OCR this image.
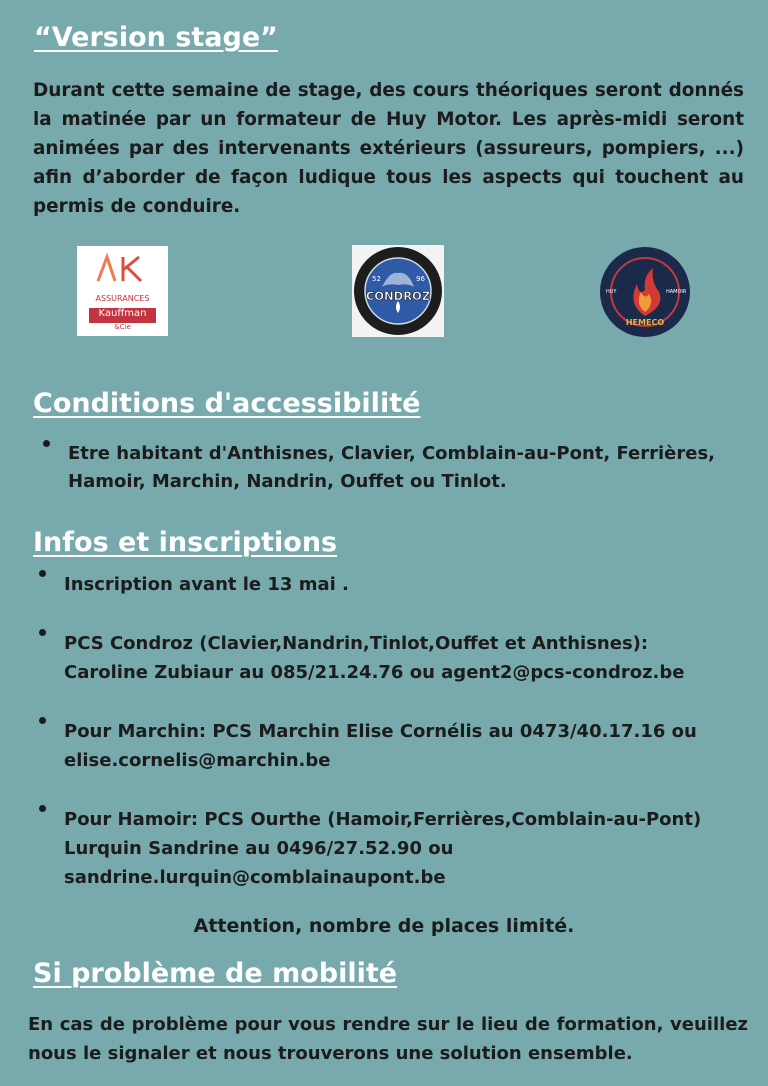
“Version stage”

Durant cette semaine de stage, des cours théoriques seront donnés la matinée par un formateur de Huy Motor. Les après-midi seront animées par des intervenants extérieurs (assureurs, pompiers, ...) afin d’aborder de façon ludique tous les aspects qui touchent au permis de conduire.

ASSURANCES
Kauffman
&Cie
52	96
CONDROZ	HUY	HAMOIR
HEMECO
Conditions d'accessibilité
Etre habitant d'Anthisnes, Clavier, Comblain-au-Pont, Ferrières, Hamoir, Marchin, Nandrin, Ouffet ou Tinlot.
Infos et inscriptions
Inscription avant le 13 mai .
PCS Condroz (Clavier,Nandrin,Tinlot,Ouffet et Anthisnes): Caroline Zubiaur au 085/21.24.76 ou agent2@pcs-condroz.be
Pour Marchin: PCS Marchin Elise Cornélis au 0473/40.17.16 ou elise.cornelis@marchin.be
Pour Hamoir: PCS Ourthe (Hamoir,Ferrières,Comblain-au-Pont) Lurquin Sandrine au 0496/27.52.90 ou sandrine.lurquin@comblainaupont.be

Attention, nombre de places limité.

Si problème de mobilité

En cas de problème pour vous rendre sur le lieu de formation, veuillez nous le signaler et nous trouverons une solution ensemble.
